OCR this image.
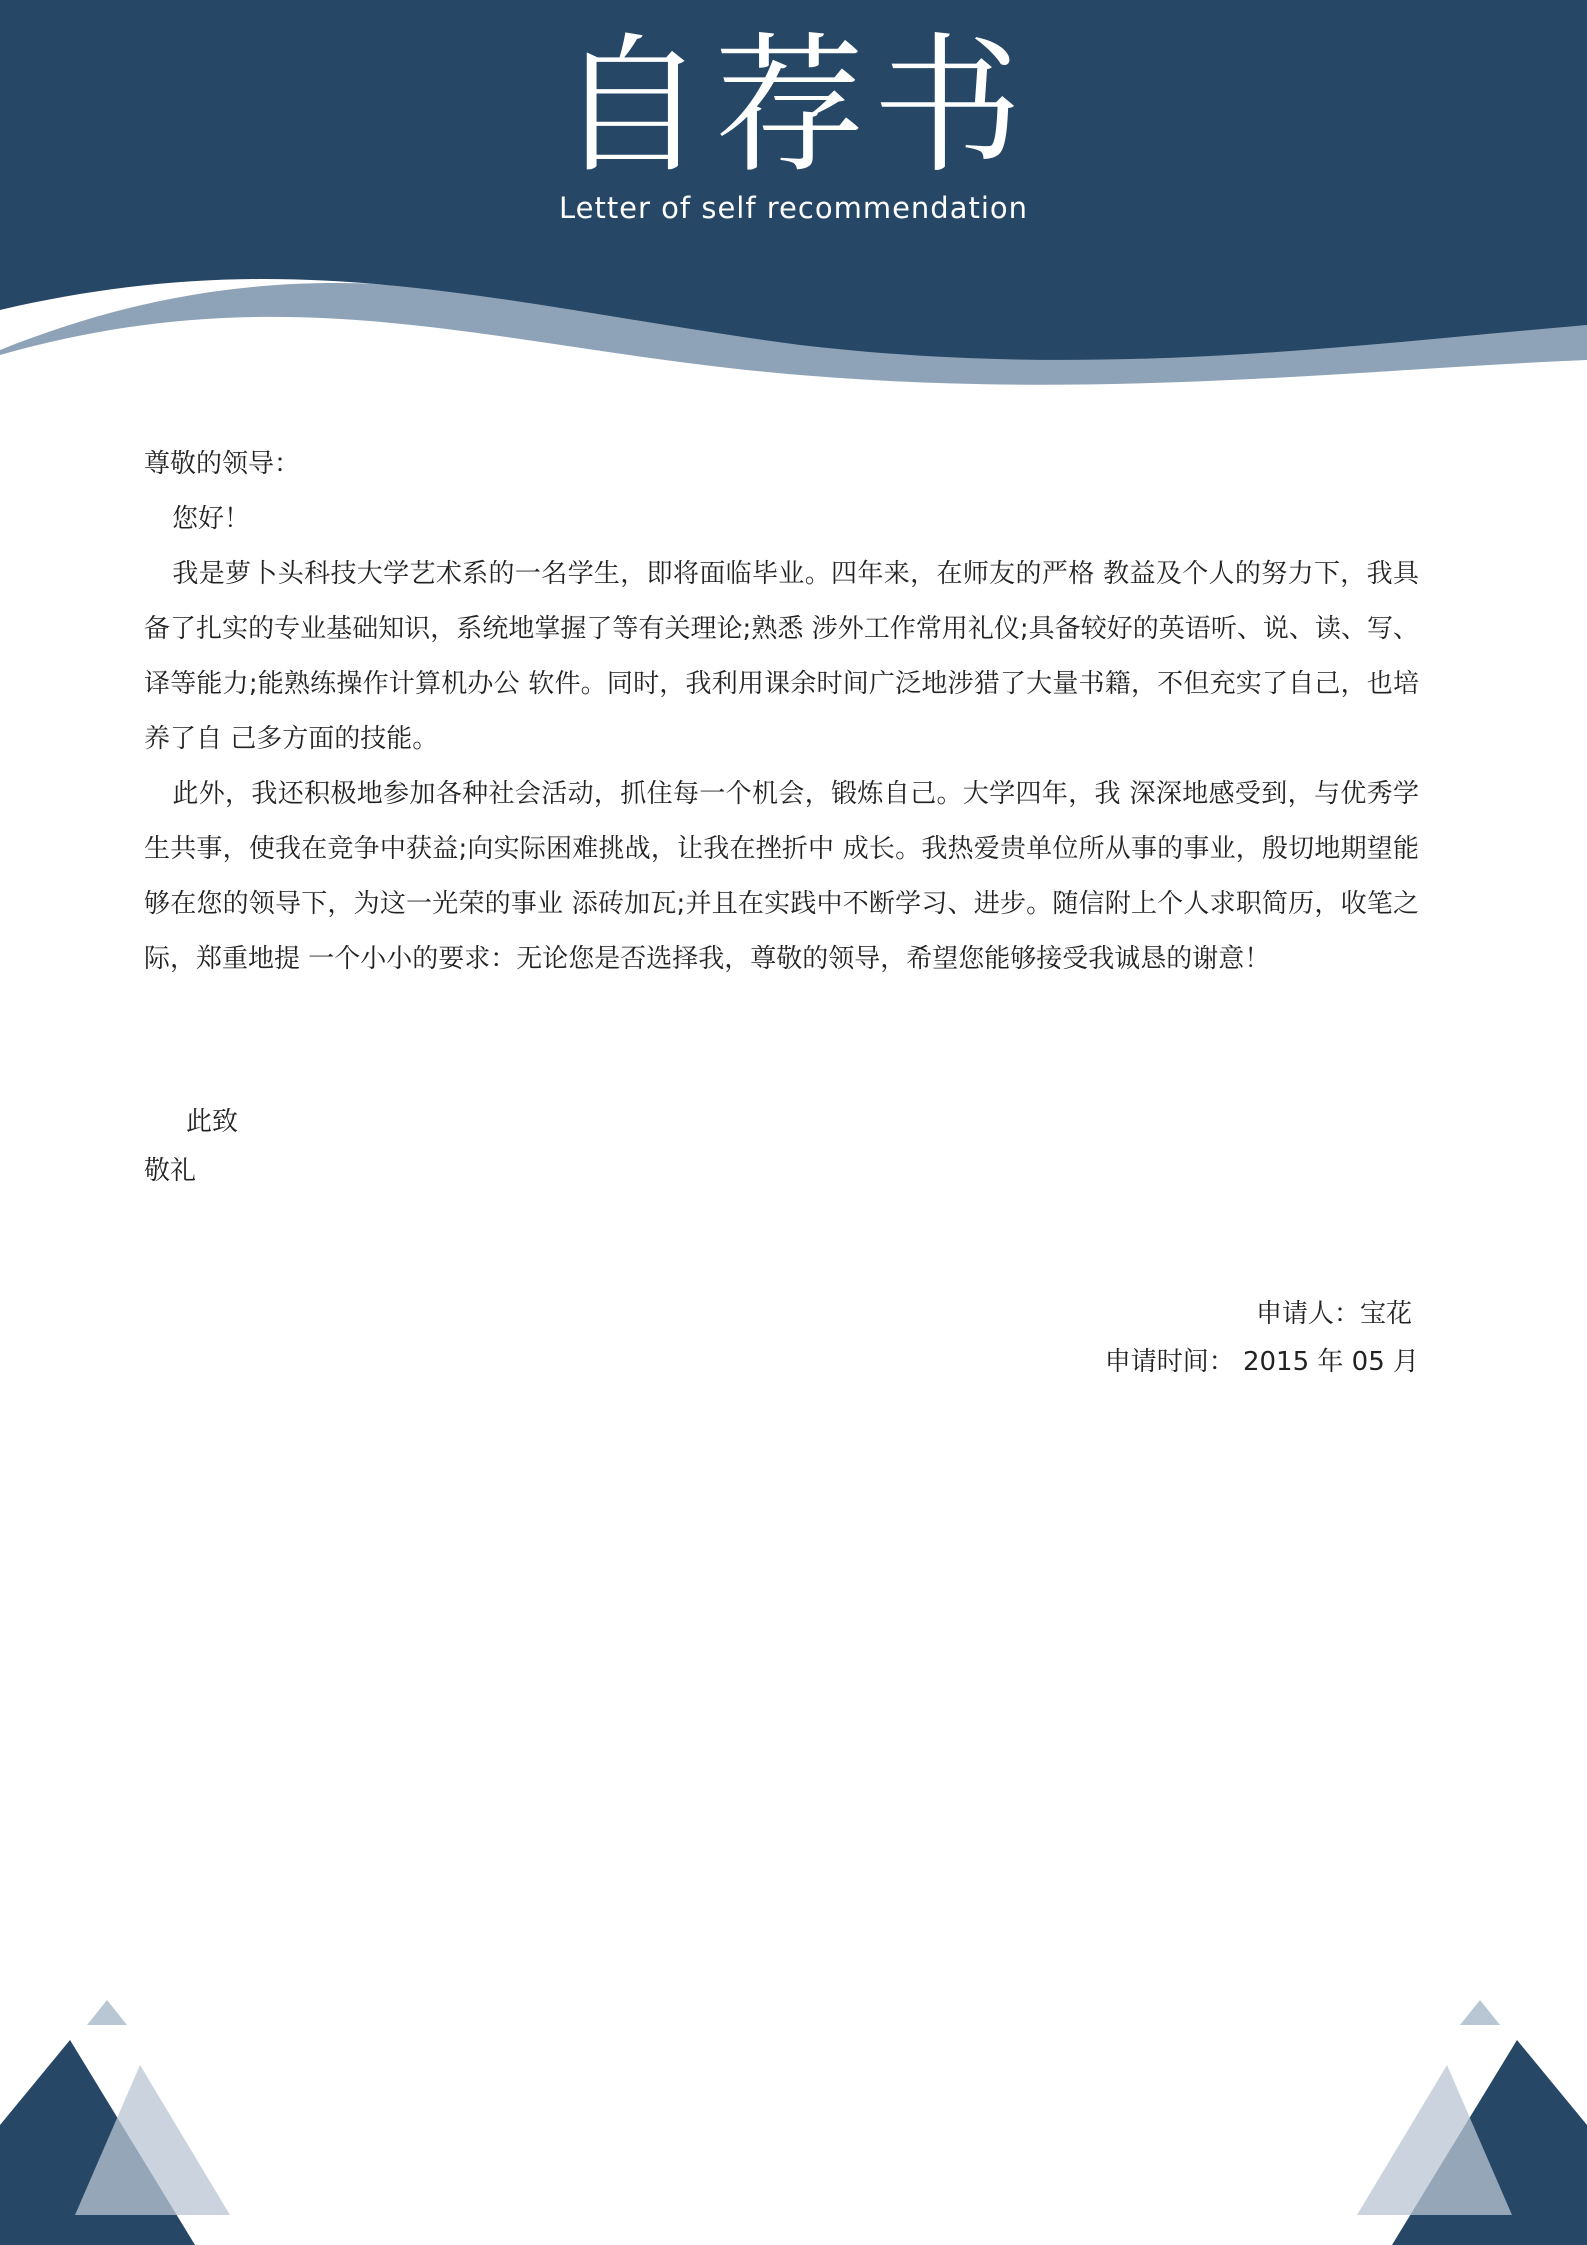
自荐书
Letter of self recommendation

尊敬的领导：

您好！

我是萝卜头科技大学艺术系的一名学生，即将面临毕业。四年来，在师友的严格 教益及个人的努力下，我具备了扎实的专业基础知识，系统地掌握了等有关理论;熟悉 涉外工作常用礼仪;具备较好的英语听、说、读、写、译等能力;能熟练操作计算机办公 软件。同时，我利用课余时间广泛地涉猎了大量书籍，不但充实了自己，也培养了自 己多方面的技能。

此外，我还积极地参加各种社会活动，抓住每一个机会，锻炼自己。大学四年，我 深深地感受到，与优秀学生共事，使我在竞争中获益;向实际困难挑战，让我在挫折中 成长。我热爱贵单位所从事的事业，殷切地期望能够在您的领导下，为这一光荣的事业 添砖加瓦;并且在实践中不断学习、进步。随信附上个人求职简历，收笔之际，郑重地提 一个小小的要求：无论您是否选择我，尊敬的领导，希望您能够接受我诚恳的谢意！

此致
敬礼
申请人：宝花
申请时间： 2015 年 05 月
